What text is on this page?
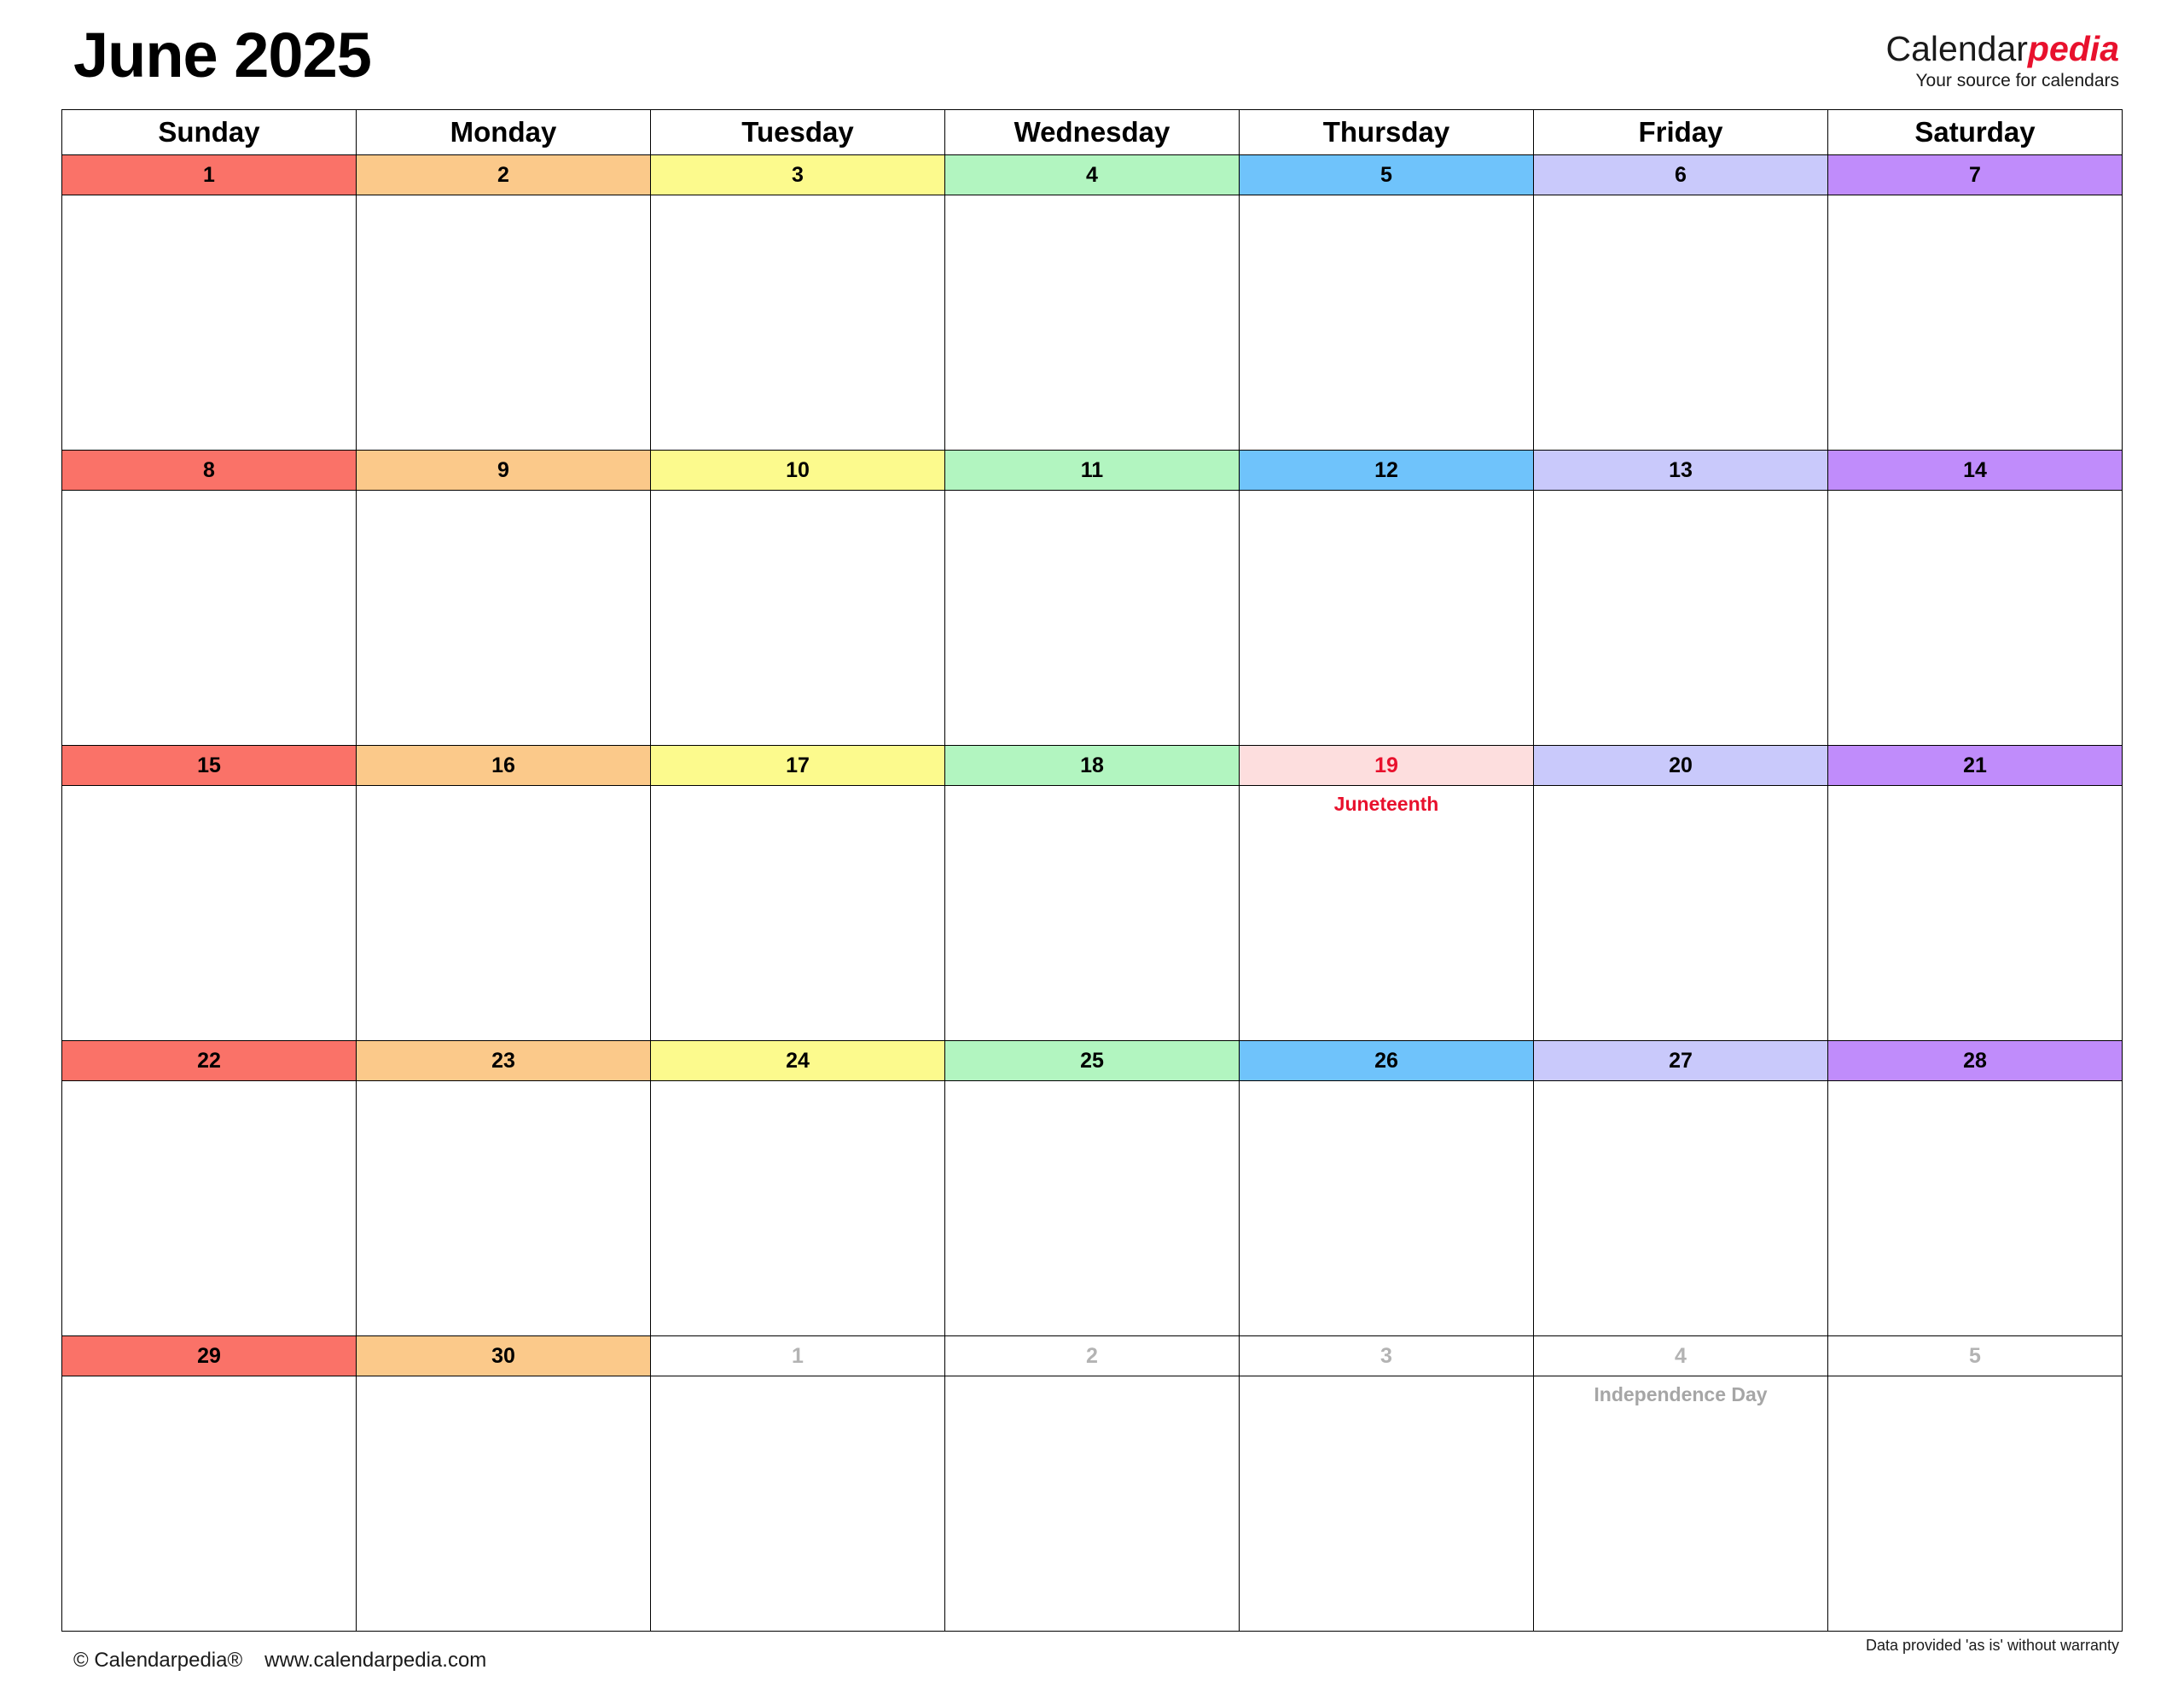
June 2025	Calendarpedia
Your source for calendars
Sunday	Monday	Tuesday	Wednesday	Thursday	Friday	Saturday

1	2	3	4	5	6	7

8	9	10	11	12	13	14

15	16	17	18	19	20	21

				Juneteenth		

22	23	24	25	26	27	28

29	30	1	2	3	4	5

					Independence Day	

© Calendarpedia® www.calendarpedia.com
Data provided 'as is' without warranty
